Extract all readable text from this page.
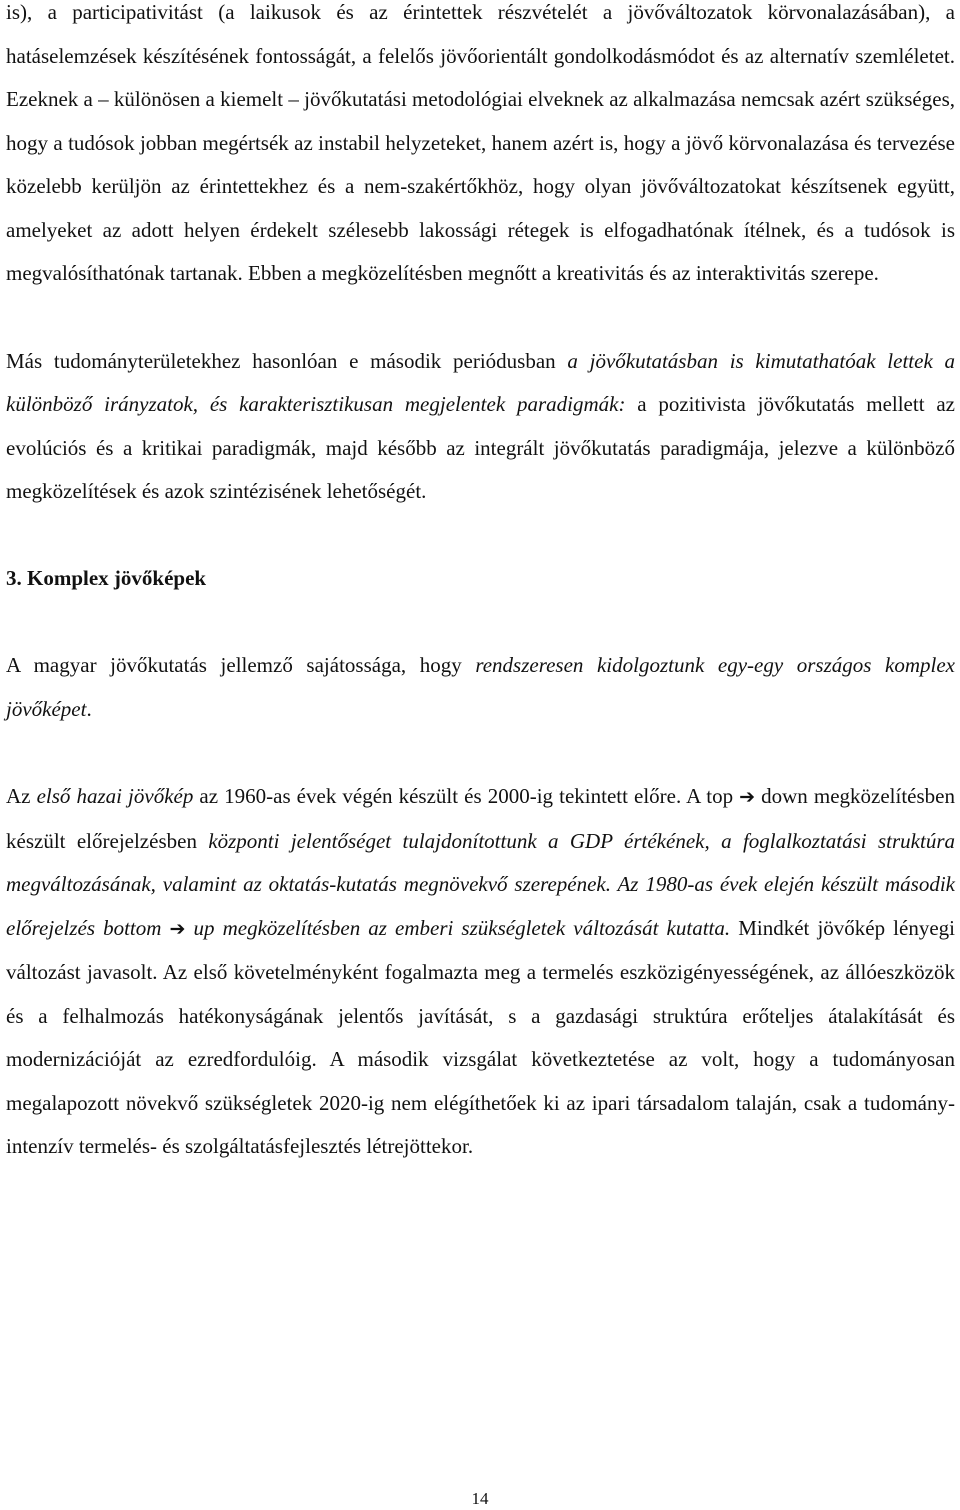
is), a participativitást (a laikusok és az érintettek részvételét a jövőváltozatok körvonalazásában), a hatáselemzések készítésének fontosságát, a felelős jövőorientált gondolkodásmódot és az alternatív szemléletet. Ezeknek a – különösen a kiemelt – jövőkutatási metodológiai elveknek az alkalmazása nemcsak azért szükséges, hogy a tudósok jobban megértsék az instabil helyzeteket, hanem azért is, hogy a jövő körvonalazása és tervezése közelebb kerüljön az érintettekhez és a nem-szakértőkhöz, hogy olyan jövőváltozatokat készítsenek együtt, amelyeket az adott helyen érdekelt szélesebb lakossági rétegek is elfogadhatónak ítélnek, és a tudósok is megvalósíthatónak tartanak. Ebben a megközelítésben megnőtt a kreativitás és az interaktivitás szerepe.

Más tudományterületekhez hasonlóan e második periódusban a jövőkutatásban is kimutathatóak lettek a különböző irányzatok, és karakterisztikusan megjelentek paradigmák: a pozitivista jövőkutatás mellett az evolúciós és a kritikai paradigmák, majd később az integrált jövőkutatás paradigmája, jelezve a különböző megközelítések és azok szintézisének lehetőségét.

3. Komplex jövőképek

A magyar jövőkutatás jellemző sajátossága, hogy rendszeresen kidolgoztunk egy-egy országos komplex jövőképet.

Az első hazai jövőkép az 1960-as évek végén készült és 2000-ig tekintett előre. A top ➔ down megközelítésben készült előrejelzésben központi jelentőséget tulajdonítottunk a GDP értékének, a foglalkoztatási struktúra megváltozásának, valamint az oktatás-kutatás megnövekvő szerepének. Az 1980-as évek elején készült második előrejelzés bottom ➔ up megközelítésben az emberi szükségletek változását kutatta. Mindkét jövőkép lényegi változást javasolt. Az első követelményként fogalmazta meg a termelés eszközigényességének, az állóeszközök és a felhalmozás hatékonyságának jelentős javítását, s a gazdasági struktúra erőteljes átalakítását és modernizációját az ezredfordulóig. A második vizsgálat következtetése az volt, hogy a tudományosan megalapozott növekvő szükségletek 2020-ig nem elégíthetőek ki az ipari társadalom talaján, csak a tudomány-intenzív termelés- és szolgáltatásfejlesztés létrejöttekor.

14
